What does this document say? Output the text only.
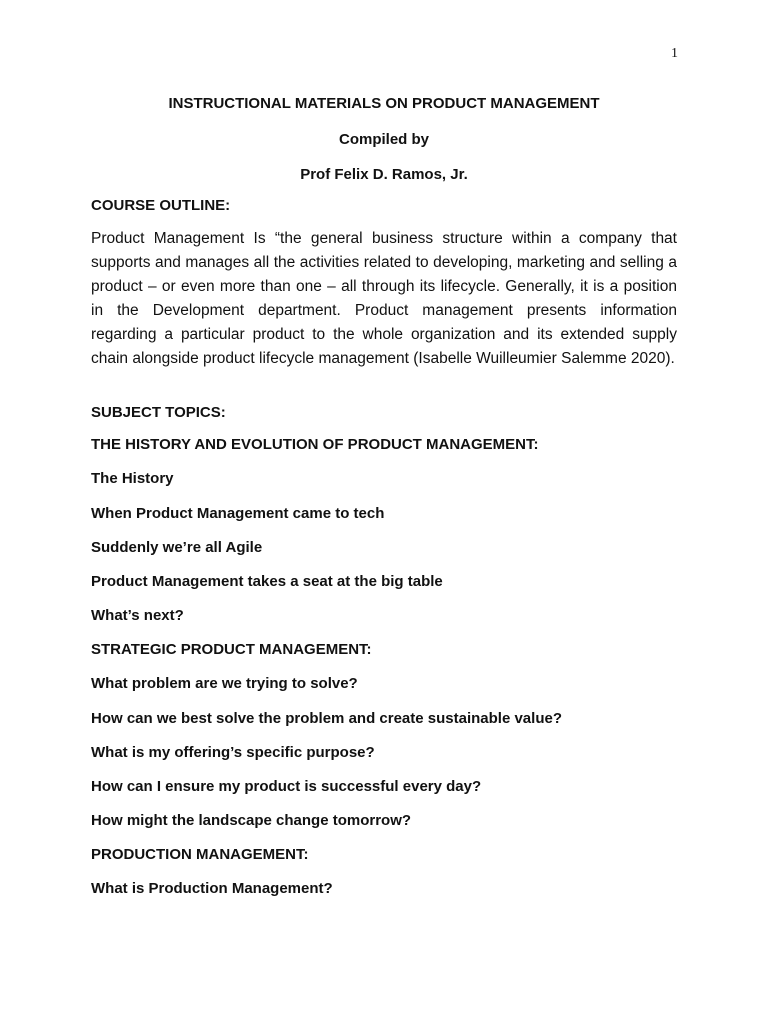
1
INSTRUCTIONAL MATERIALS ON PRODUCT MANAGEMENT
Compiled by
Prof Felix D. Ramos, Jr.
COURSE OUTLINE:
Product Management Is “the general business structure within a company that supports and manages all the activities related to developing, marketing and selling a product – or even more than one – all through its lifecycle. Generally, it is a position in the Development department. Product management presents information regarding a particular product to the whole organization and its extended supply chain alongside product lifecycle management (Isabelle Wuilleumier Salemme 2020).
SUBJECT TOPICS:
THE HISTORY AND EVOLUTION OF PRODUCT MANAGEMENT:
The History
When Product Management came to tech
Suddenly we’re all Agile
Product Management takes a seat at the big table
What’s next?
STRATEGIC PRODUCT MANAGEMENT:
What problem are we trying to solve?
How can we best solve the problem and create sustainable value?
What is my offering’s specific purpose?
How can I ensure my product is successful every day?
How might the landscape change tomorrow?
PRODUCTION MANAGEMENT:
What is Production Management?
